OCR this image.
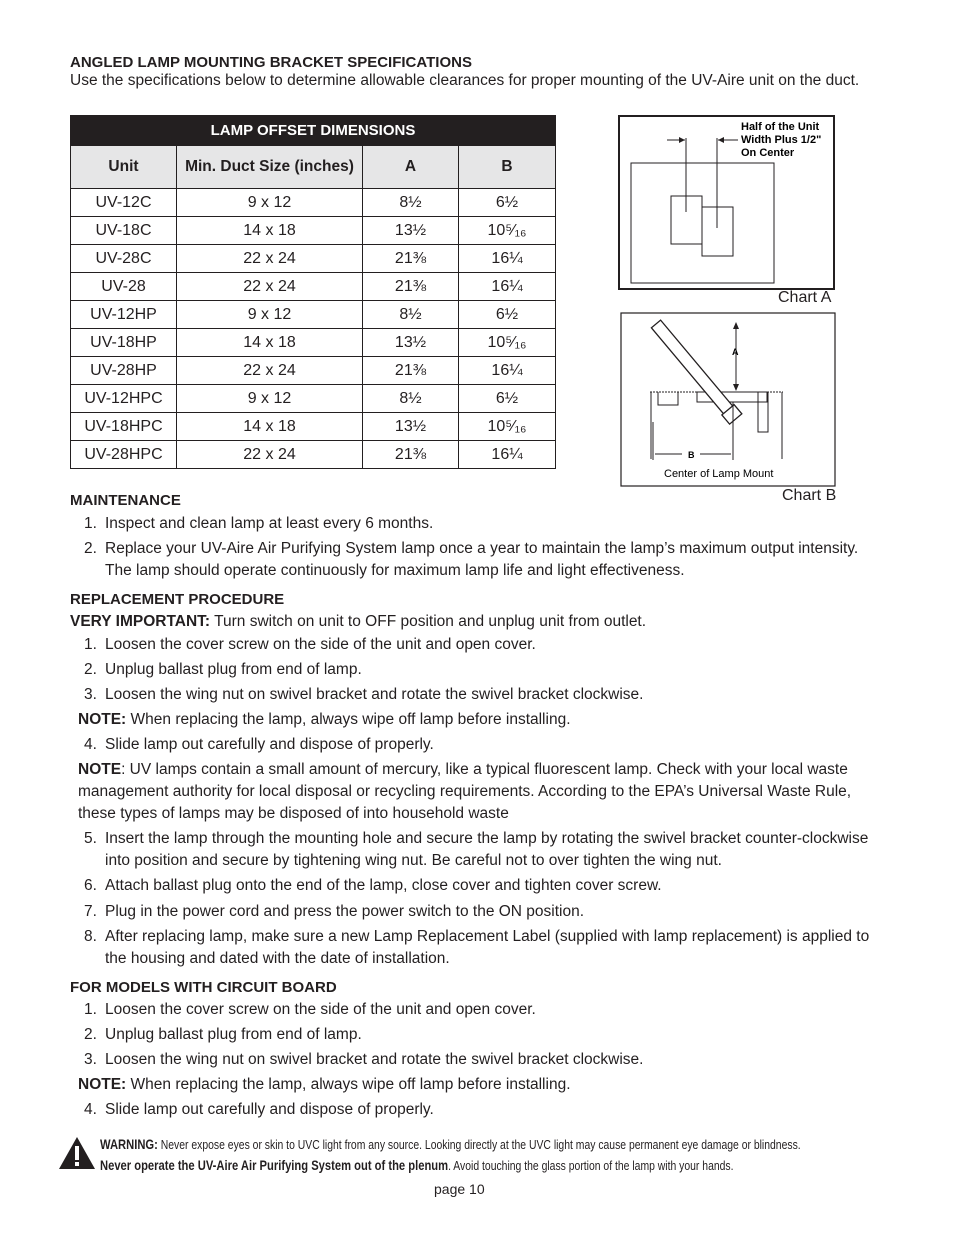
ANGLED LAMP MOUNTING BRACKET SPECIFICATIONS
Use the specifications below to determine allowable clearances for proper mounting of the UV-Aire unit on the duct.
LAMP OFFSET DIMENSIONS			
Unit	Min. Duct Size (inches)	A	B
UV-12C	9 x 12	8½	6½
UV-18C	14 x 18	13½	10⁵⁄₁₆
UV-28C	22 x 24	21⅜	16¼
UV-28	22 x 24	21⅜	16¼
UV-12HP	9 x 12	8½	6½
UV-18HP	14 x 18	13½	10⁵⁄₁₆
UV-28HP	22 x 24	21⅜	16¼
UV-12HPC	9 x 12	8½	6½
UV-18HPC	14 x 18	13½	10⁵⁄₁₆
UV-28HPC	22 x 24	21⅜	16¼
Half of the Unit
Width Plus 1/2"
On Center
Chart A
A
B
Center of Lamp Mount
Chart B
MAINTENANCE
1. Inspect and clean lamp at least every 6 months.
2. Replace your UV-Aire Air Purifying System lamp once a year to maintain the lamp’s maximum output intensity. The lamp should operate continuously for maximum lamp life and light effectiveness.
REPLACEMENT PROCEDURE
VERY IMPORTANT: Turn switch on unit to OFF position and unplug unit from outlet.
1. Loosen the cover screw on the side of the unit and open cover.
2. Unplug ballast plug from end of lamp.
3. Loosen the wing nut on swivel bracket and rotate the swivel bracket clockwise.
NOTE: When replacing the lamp, always wipe off lamp before installing.
4. Slide lamp out carefully and dispose of properly.
NOTE: UV lamps contain a small amount of mercury, like a typical fluorescent lamp. Check with your local waste management authority for local disposal or recycling requirements. According to the EPA’s Universal Waste Rule, these types of lamps may be disposed of into household waste
5. Insert the lamp through the mounting hole and secure the lamp by rotating the swivel bracket counter-clockwise into position and secure by tightening wing nut. Be careful not to over tighten the wing nut.
6. Attach ballast plug onto the end of the lamp, close cover and tighten cover screw.
7. Plug in the power cord and press the power switch to the ON position.
8. After replacing lamp, make sure a new Lamp Replacement Label (supplied with lamp replacement) is applied to the housing and dated with the date of installation.
FOR MODELS WITH CIRCUIT BOARD
1. Loosen the cover screw on the side of the unit and open cover.
2. Unplug ballast plug from end of lamp.
3. Loosen the wing nut on swivel bracket and rotate the swivel bracket clockwise.
NOTE: When replacing the lamp, always wipe off lamp before installing.
4. Slide lamp out carefully and dispose of properly.
WARNING: Never expose eyes or skin to UVC light from any source. Looking directly at the UVC light may cause permanent eye damage or blindness.
Never operate the UV-Aire Air Purifying System out of the plenum. Avoid touching the glass portion of the lamp with your hands.
page 10
